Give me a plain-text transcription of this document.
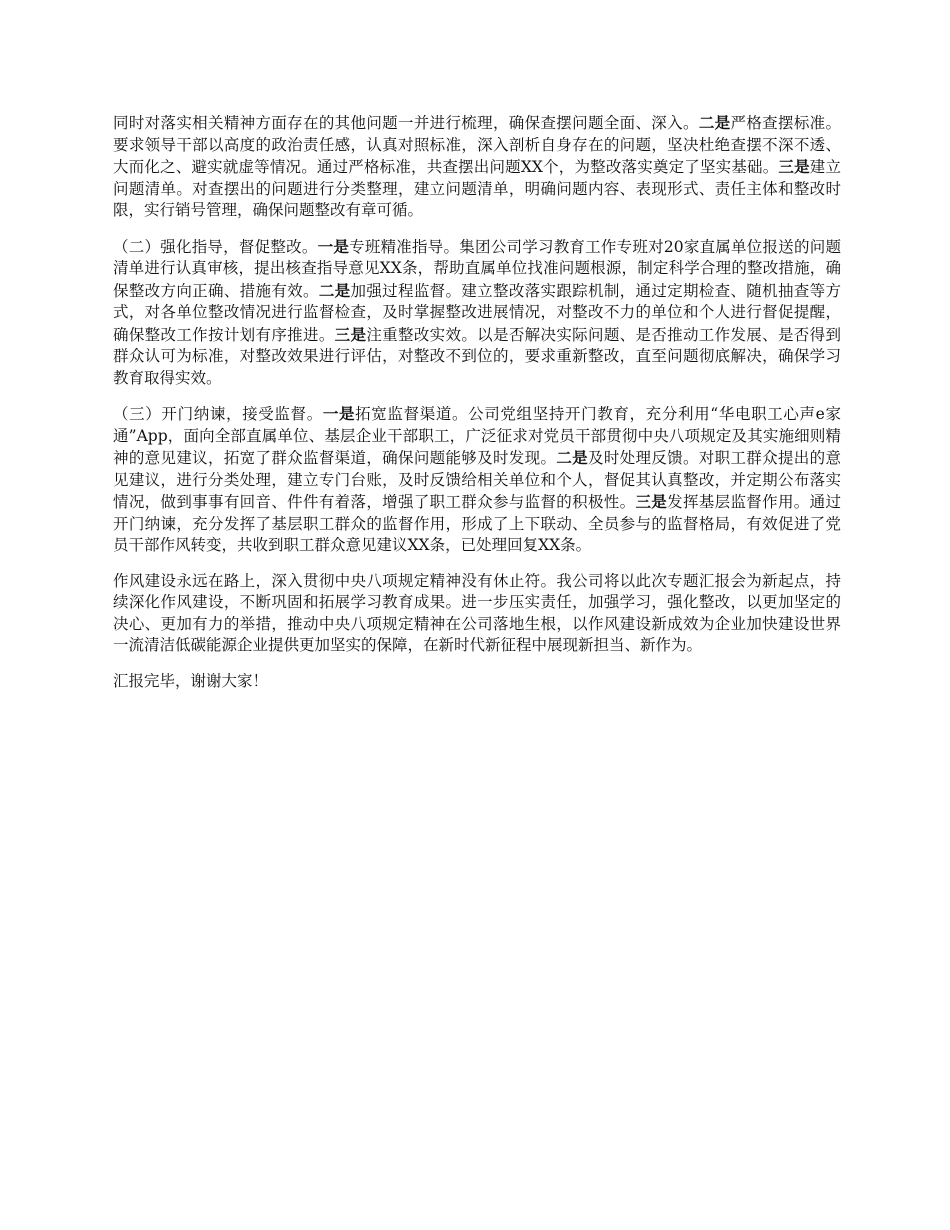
同时对落实相关精神方面存在的其他问题一并进行梳理，确保查摆问题全面、深入。二是严格查摆标准。要求领导干部以高度的政治责任感，认真对照标准，深入剖析自身存在的问题，坚决杜绝查摆不深不透、大而化之、避实就虚等情况。通过严格标准，共查摆出问题XX个，为整改落实奠定了坚实基础。三是建立问题清单。对查摆出的问题进行分类整理，建立问题清单，明确问题内容、表现形式、责任主体和整改时限，实行销号管理，确保问题整改有章可循。

（二）强化指导，督促整改。一是专班精准指导。集团公司学习教育工作专班对20家直属单位报送的问题清单进行认真审核，提出核查指导意见XX条，帮助直属单位找准问题根源，制定科学合理的整改措施，确保整改方向正确、措施有效。二是加强过程监督。建立整改落实跟踪机制，通过定期检查、随机抽查等方式，对各单位整改情况进行监督检查，及时掌握整改进展情况，对整改不力的单位和个人进行督促提醒，确保整改工作按计划有序推进。三是注重整改实效。以是否解决实际问题、是否推动工作发展、是否得到群众认可为标准，对整改效果进行评估，对整改不到位的，要求重新整改，直至问题彻底解决，确保学习教育取得实效。

（三）开门纳谏，接受监督。一是拓宽监督渠道。公司党组坚持开门教育，充分利用“华电职工心声e家通”App，面向全部直属单位、基层企业干部职工，广泛征求对党员干部贯彻中央八项规定及其实施细则精神的意见建议，拓宽了群众监督渠道，确保问题能够及时发现。二是及时处理反馈。对职工群众提出的意见建议，进行分类处理，建立专门台账，及时反馈给相关单位和个人，督促其认真整改，并定期公布落实情况，做到事事有回音、件件有着落，增强了职工群众参与监督的积极性。三是发挥基层监督作用。通过开门纳谏，充分发挥了基层职工群众的监督作用，形成了上下联动、全员参与的监督格局，有效促进了党员干部作风转变，共收到职工群众意见建议XX条，已处理回复XX条。

作风建设永远在路上，深入贯彻中央八项规定精神没有休止符。我公司将以此次专题汇报会为新起点，持续深化作风建设，不断巩固和拓展学习教育成果。进一步压实责任，加强学习，强化整改，以更加坚定的决心、更加有力的举措，推动中央八项规定精神在公司落地生根，以作风建设新成效为企业加快建设世界一流清洁低碳能源企业提供更加坚实的保障，在新时代新征程中展现新担当、新作为。

汇报完毕，谢谢大家！
